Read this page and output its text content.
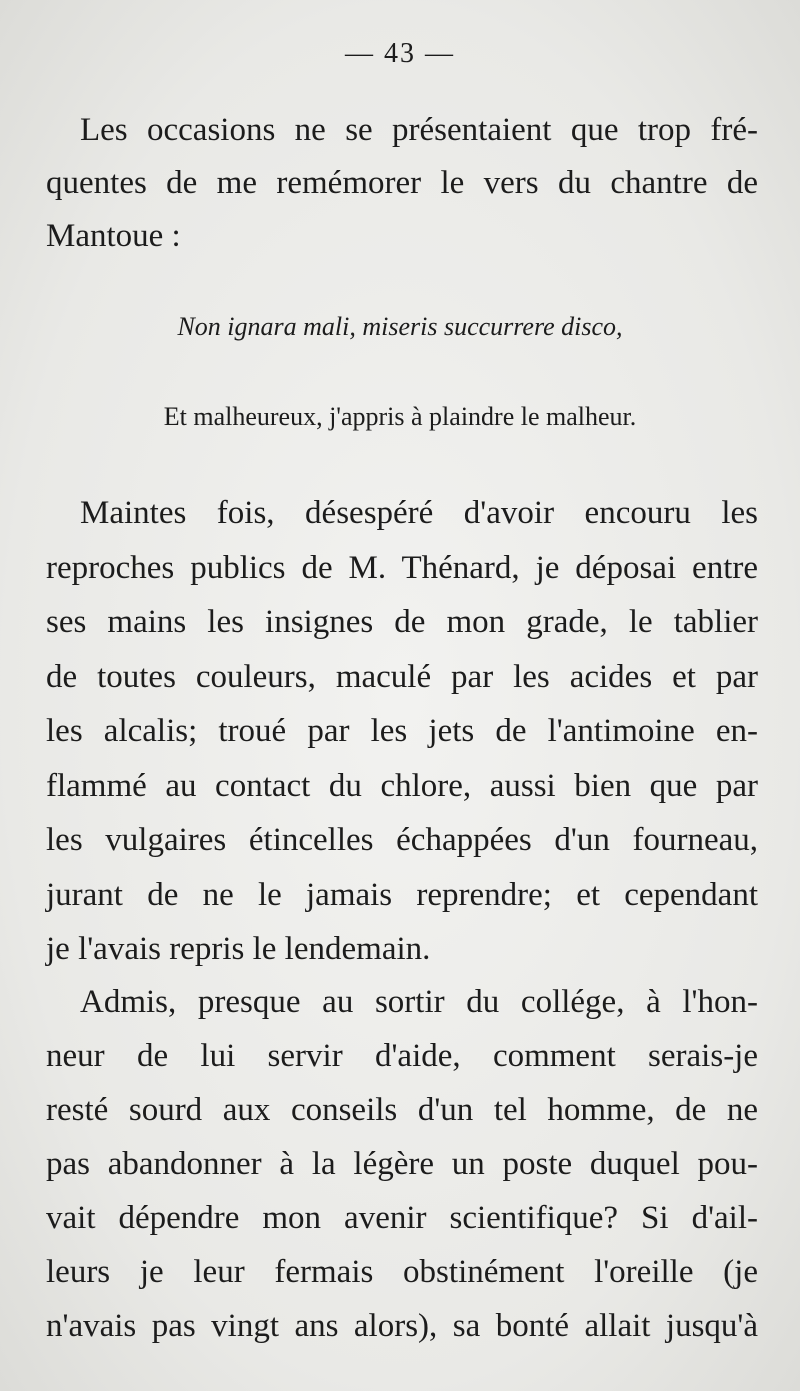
— 43 —
Les occasions ne se présentaient que trop fré-
quentes de me remémorer le vers du chantre de
Mantoue :
Non ignara mali, miseris succurrere disco,
Et malheureux, j'appris à plaindre le malheur.
Maintes fois, désespéré d'avoir encouru les
reproches publics de M. Thénard, je déposai entre
ses mains les insignes de mon grade, le tablier
de toutes couleurs, maculé par les acides et par
les alcalis; troué par les jets de l'antimoine en-
flammé au contact du chlore, aussi bien que par
les vulgaires étincelles échappées d'un fourneau,
jurant de ne le jamais reprendre; et cependant
je l'avais repris le lendemain.
Admis, presque au sortir du collége, à l'hon-
neur de lui servir d'aide, comment serais-je
resté sourd aux conseils d'un tel homme, de ne
pas abandonner à la légère un poste duquel pou-
vait dépendre mon avenir scientifique? Si d'ail-
leurs je leur fermais obstinément l'oreille (je
n'avais pas vingt ans alors), sa bonté allait jusqu'à
